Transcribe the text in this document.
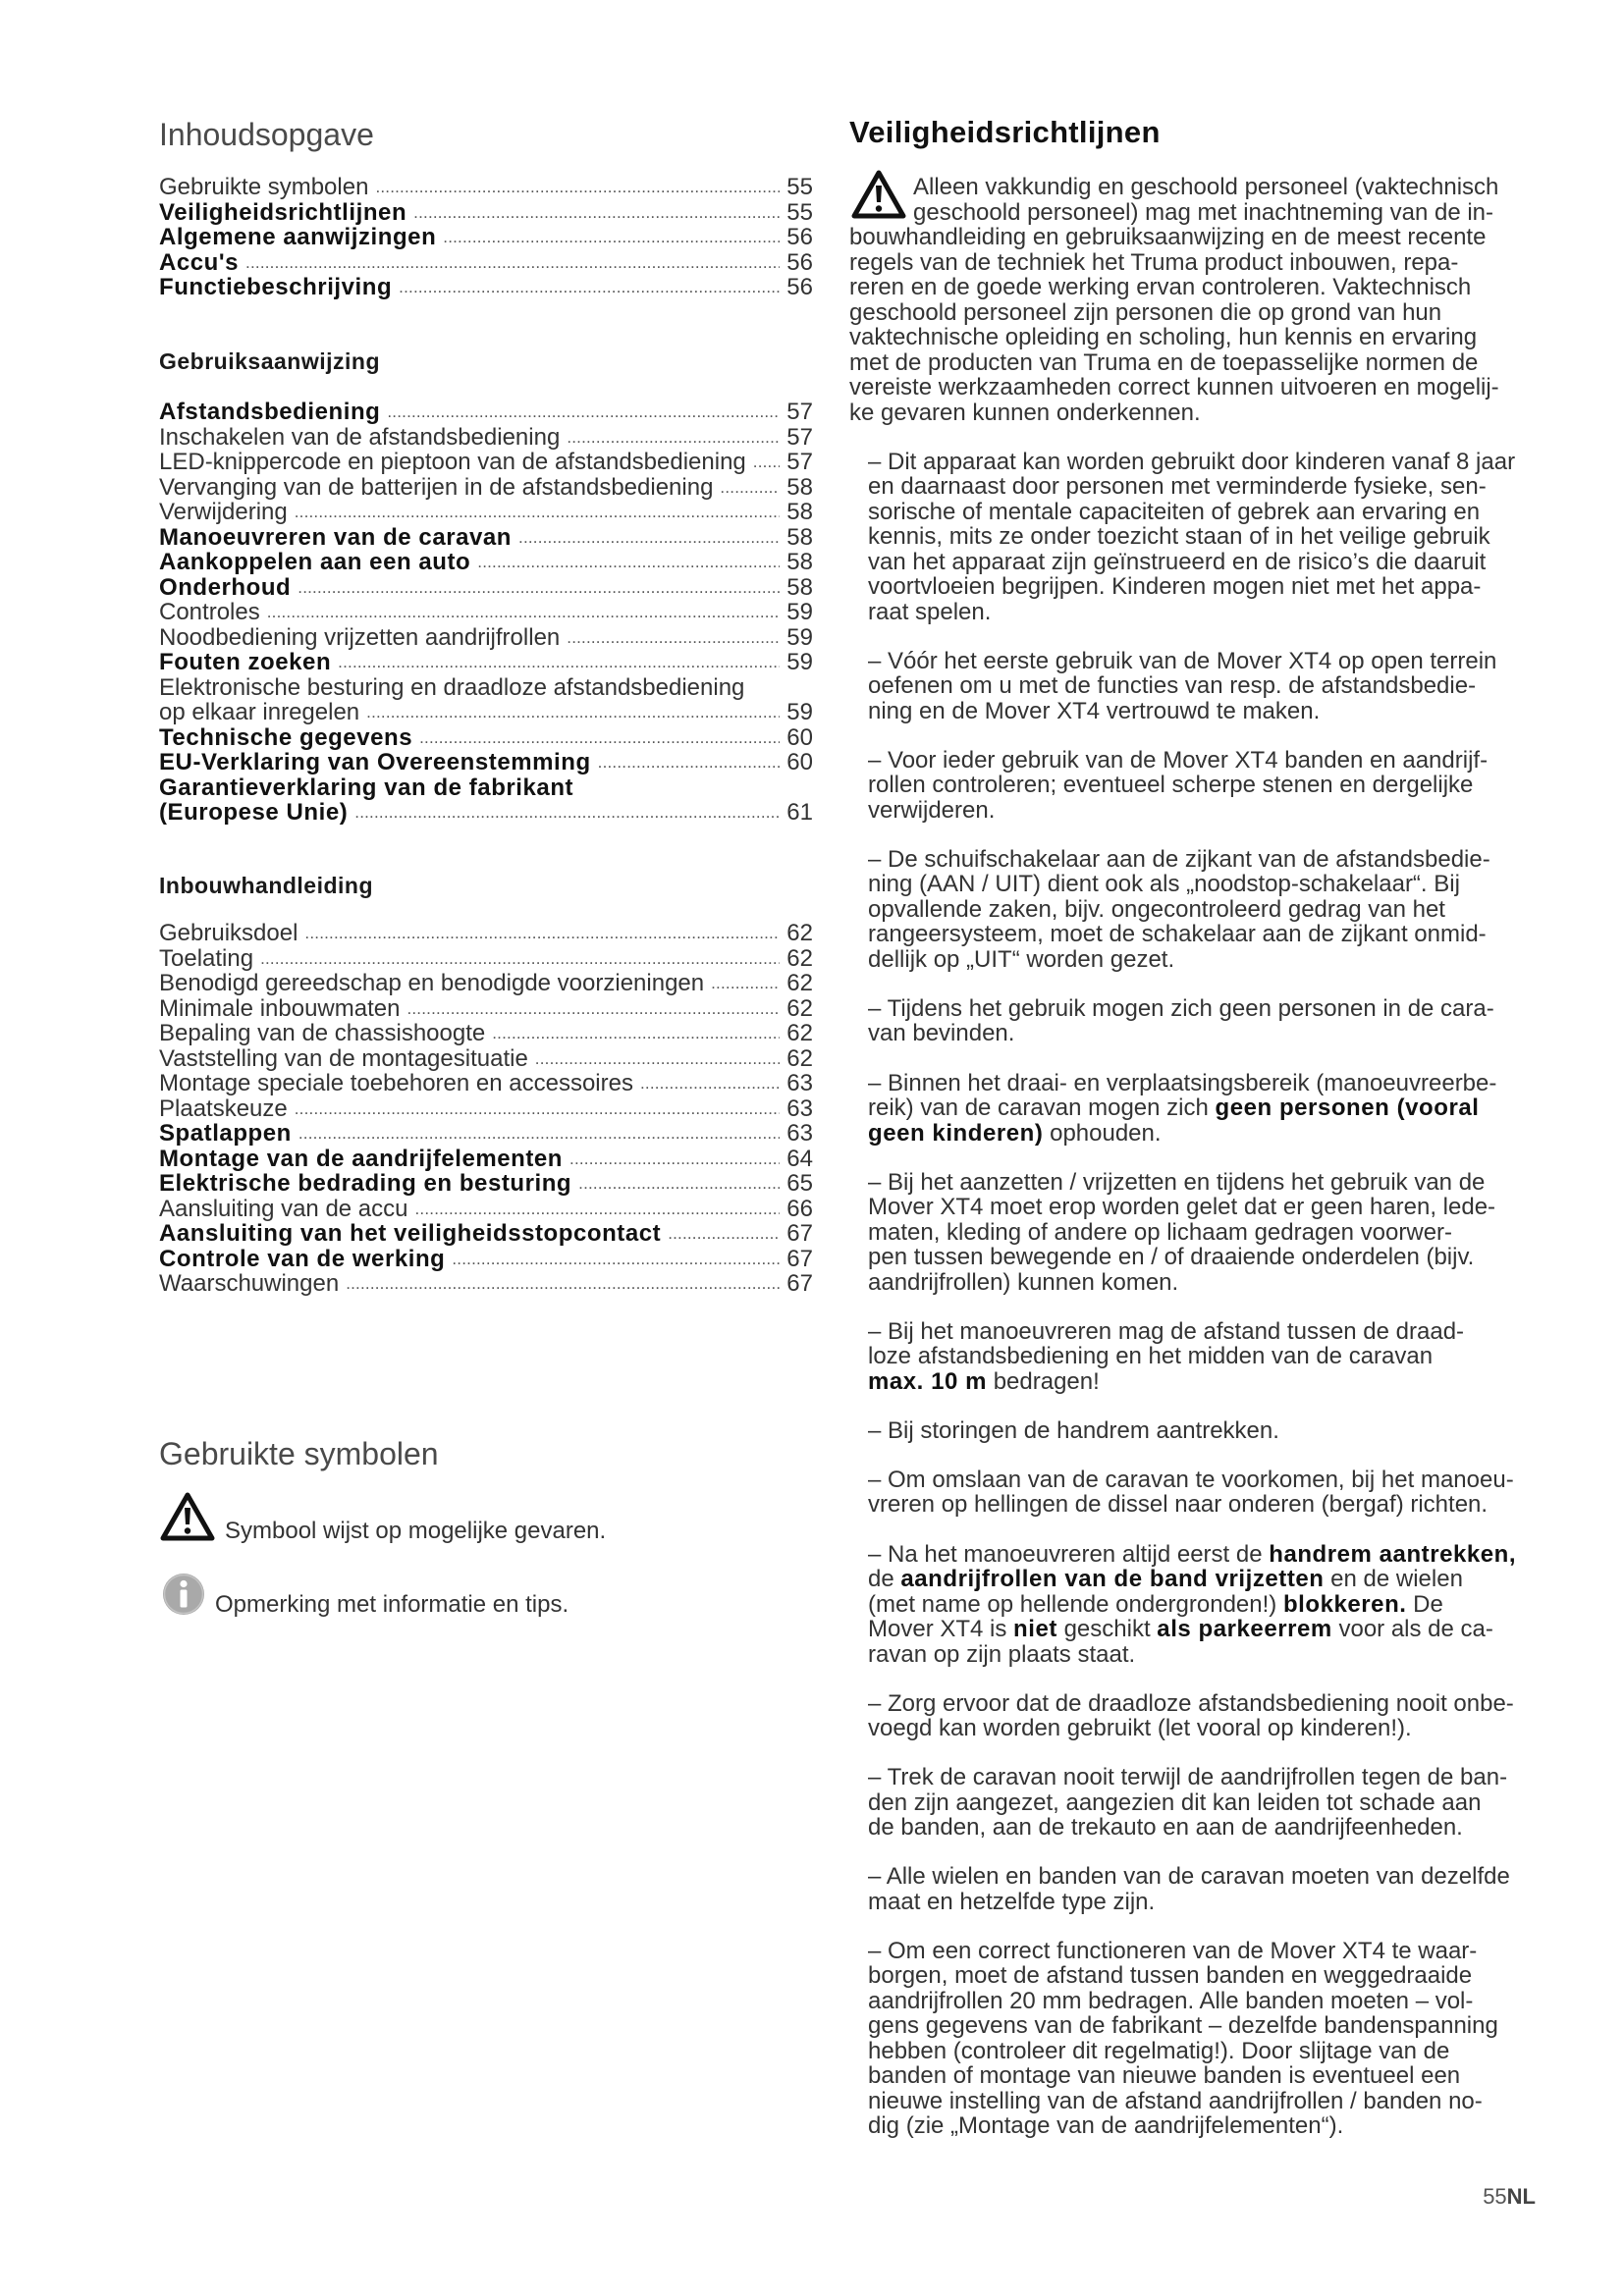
Inhoudsopgave
Gebruikte symbolen .....	55
Veiligheidsrichtlijnen .....	55
Algemene aanwijzingen .....	56
Accu's .....	56
Functiebeschrijving .....	56
Gebruiksaanwijzing
Afstandsbediening .....	57
Inschakelen van de afstandsbediening .....	57
LED-knippercode en pieptoon van de afstandsbediening .....	57
Vervanging van de batterijen in de afstandsbediening .....	58
Verwijdering .....	58
Manoeuvreren van de caravan .....	58
Aankoppelen aan een auto .....	58
Onderhoud .....	58
Controles .....	59
Noodbediening vrijzetten aandrijfrollen .....	59
Fouten zoeken .....	59
Elektronische besturing en draadloze afstandsbediening
op elkaar inregelen .....	59
Technische gegevens .....	60
EU-Verklaring van Overeenstemming .....	60
Garantieverklaring van de fabrikant
(Europese Unie) .....	61
Inbouwhandleiding
Gebruiksdoel .....	62
Toelating .....	62
Benodigd gereedschap en benodigde voorzieningen .....	62
Minimale inbouwmaten .....	62
Bepaling van de chassishoogte .....	62
Vaststelling van de montagesituatie .....	62
Montage speciale toebehoren en accessoires .....	63
Plaatskeuze .....	63
Spatlappen .....	63
Montage van de aandrijfelementen .....	64
Elektrische bedrading en besturing .....	65
Aansluiting van de accu .....	66
Aansluiting van het veiligheidsstopcontact .....	67
Controle van de werking .....	67
Waarschuwingen .....	67
Gebruikte symbolen
Symbool wijst op mogelijke gevaren.
Opmerking met informatie en tips.
Veiligheidsrichtlijnen
Alleen vakkundig en geschoold personeel (vaktechnisch
geschoold personeel) mag met inachtneming van de in-
bouwhandleiding en gebruiksaanwijzing en de meest recente
regels van de techniek het Truma product inbouwen, repa-
reren en de goede werking ervan controleren. Vaktechnisch
geschoold personeel zijn personen die op grond van hun
vaktechnische opleiding en scholing, hun kennis en ervaring
met de producten van Truma en de toepasselijke normen de
vereiste werkzaamheden correct kunnen uitvoeren en mogelij-
ke gevaren kunnen onderkennen.
– Dit apparaat kan worden gebruikt door kinderen vanaf 8 jaar
en daarnaast door personen met verminderde fysieke, sen-
sorische of mentale capaciteiten of gebrek aan ervaring en
kennis, mits ze onder toezicht staan of in het veilige gebruik
van het apparaat zijn geïnstrueerd en de risico’s die daaruit
voortvloeien begrijpen. Kinderen mogen niet met het appa-
raat spelen.
– Vóór het eerste gebruik van de Mover XT4 op open terrein
oefenen om u met de functies van resp. de afstandsbedie-
ning en de Mover XT4 vertrouwd te maken.
– Voor ieder gebruik van de Mover XT4 banden en aandrijf-
rollen controleren; eventueel scherpe stenen en dergelijke
verwijderen.
– De schuifschakelaar aan de zijkant van de afstandsbedie-
ning (AAN / UIT) dient ook als „noodstop-schakelaar“. Bij
opvallende zaken, bijv. ongecontroleerd gedrag van het
rangeersysteem, moet de schakelaar aan de zijkant onmid-
dellijk op „UIT“ worden gezet.
– Tijdens het gebruik mogen zich geen personen in de cara-
van bevinden.
– Binnen het draai- en verplaatsingsbereik (manoeuvreerbe-
reik) van de caravan mogen zich geen personen (vooral
geen kinderen) ophouden.
– Bij het aanzetten / vrijzetten en tijdens het gebruik van de
Mover XT4 moet erop worden gelet dat er geen haren, lede-
maten, kleding of andere op lichaam gedragen voorwer-
pen tussen bewegende en / of draaiende onderdelen (bijv.
aandrijfrollen) kunnen komen.
– Bij het manoeuvreren mag de afstand tussen de draad-
loze afstandsbediening en het midden van de caravan
max. 10 m bedragen!
– Bij storingen de handrem aantrekken.
– Om omslaan van de caravan te voorkomen, bij het manoeu-
vreren op hellingen de dissel naar onderen (bergaf) richten.
– Na het manoeuvreren altijd eerst de handrem aantrekken,
de aandrijfrollen van de band vrijzetten en de wielen
(met name op hellende ondergronden!) blokkeren. De
Mover XT4 is niet geschikt als parkeerrem voor als de ca-
ravan op zijn plaats staat.
– Zorg ervoor dat de draadloze afstandsbediening nooit onbe-
voegd kan worden gebruikt (let vooral op kinderen!).
– Trek de caravan nooit terwijl de aandrijfrollen tegen de ban-
den zijn aangezet, aangezien dit kan leiden tot schade aan
de banden, aan de trekauto en aan de aandrijfeenheden.
– Alle wielen en banden van de caravan moeten van dezelfde
maat en hetzelfde type zijn.
– Om een correct functioneren van de Mover XT4 te waar-
borgen, moet de afstand tussen banden en weggedraaide
aandrijfrollen 20 mm bedragen. Alle banden moeten – vol-
gens gegevens van de fabrikant – dezelfde bandenspanning
hebben (controleer dit regelmatig!). Door slijtage van de
banden of montage van nieuwe banden is eventueel een
nieuwe instelling van de afstand aandrijfrollen / banden no-
dig (zie „Montage van de aandrijfelementen“).
55NL
